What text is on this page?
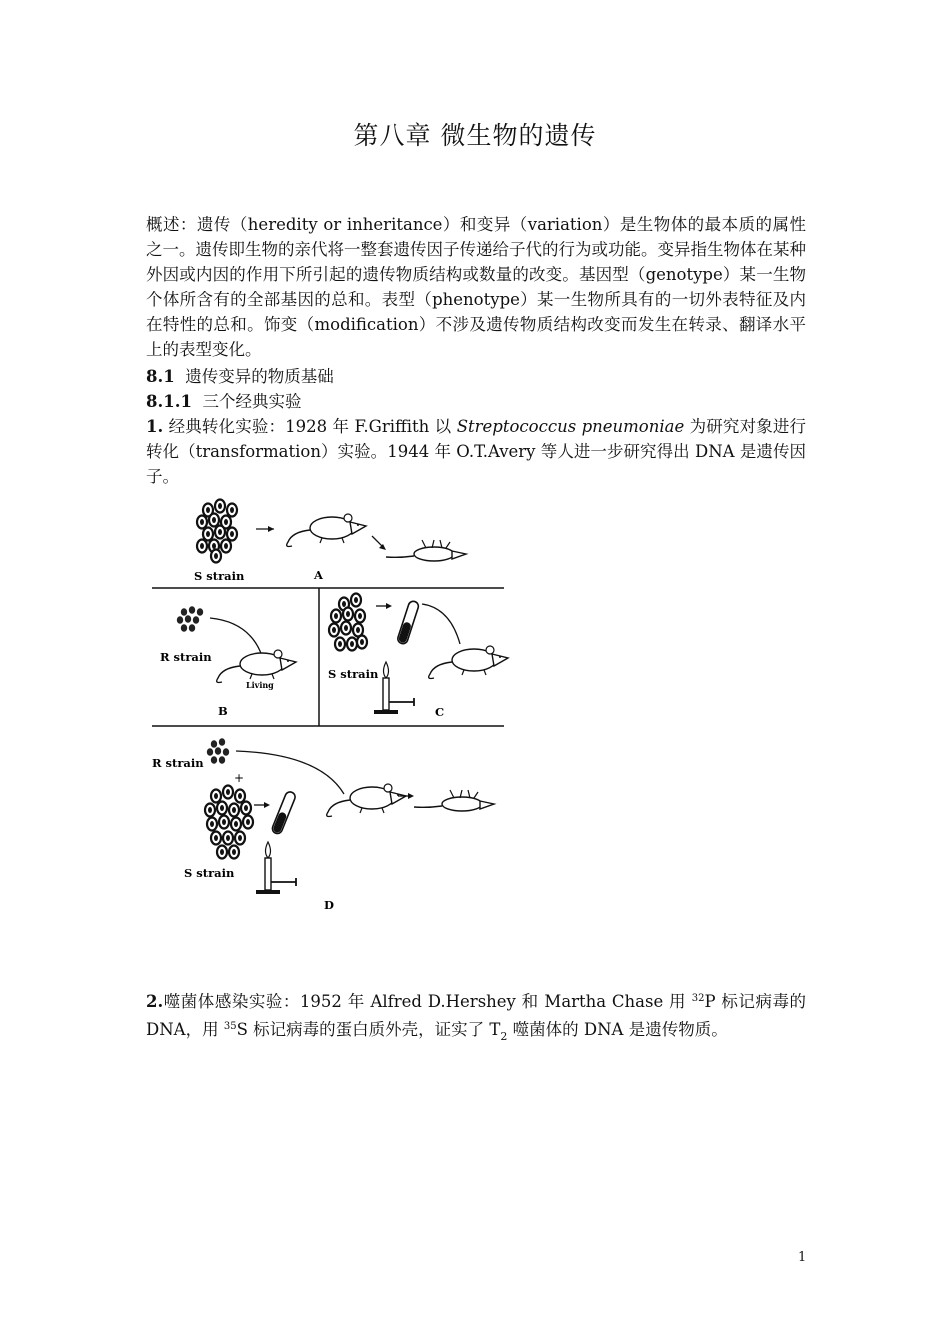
第八章 微生物的遗传
概述：遗传（heredity or inheritance）和变异（variation）是生物体的最本质的属性之一。遗传即生物的亲代将一整套遗传因子传递给子代的行为或功能。变异指生物体在某种外因或内因的作用下所引起的遗传物质结构或数量的改变。基因型（genotype）某一生物个体所含有的全部基因的总和。表型（phenotype）某一生物所具有的一切外表特征及内在特性的总和。饰变（modification）不涉及遗传物质结构改变而发生在转录、翻译水平上的表型变化。
8.1 遗传变异的物质基础
8.1.1 三个经典实验
1. 经典转化实验：1928 年 F.Griffith 以 Streptococcus pneumoniae 为研究对象进行转化（transformation）实验。1944 年 O.T.Avery 等人进一步研究得出 DNA 是遗传因子。
S strain	A
R strain
Living
B
S strain
C
R strain
+
S strain
D
2.噬菌体感染实验：1952 年 Alfred D.Hershey 和 Martha Chase 用 $^{32}$P 标记病毒的 DNA，用 $^{35}$S 标记病毒的蛋白质外壳，证实了 $T_2$ 噬菌体的 DNA 是遗传物质。
1
